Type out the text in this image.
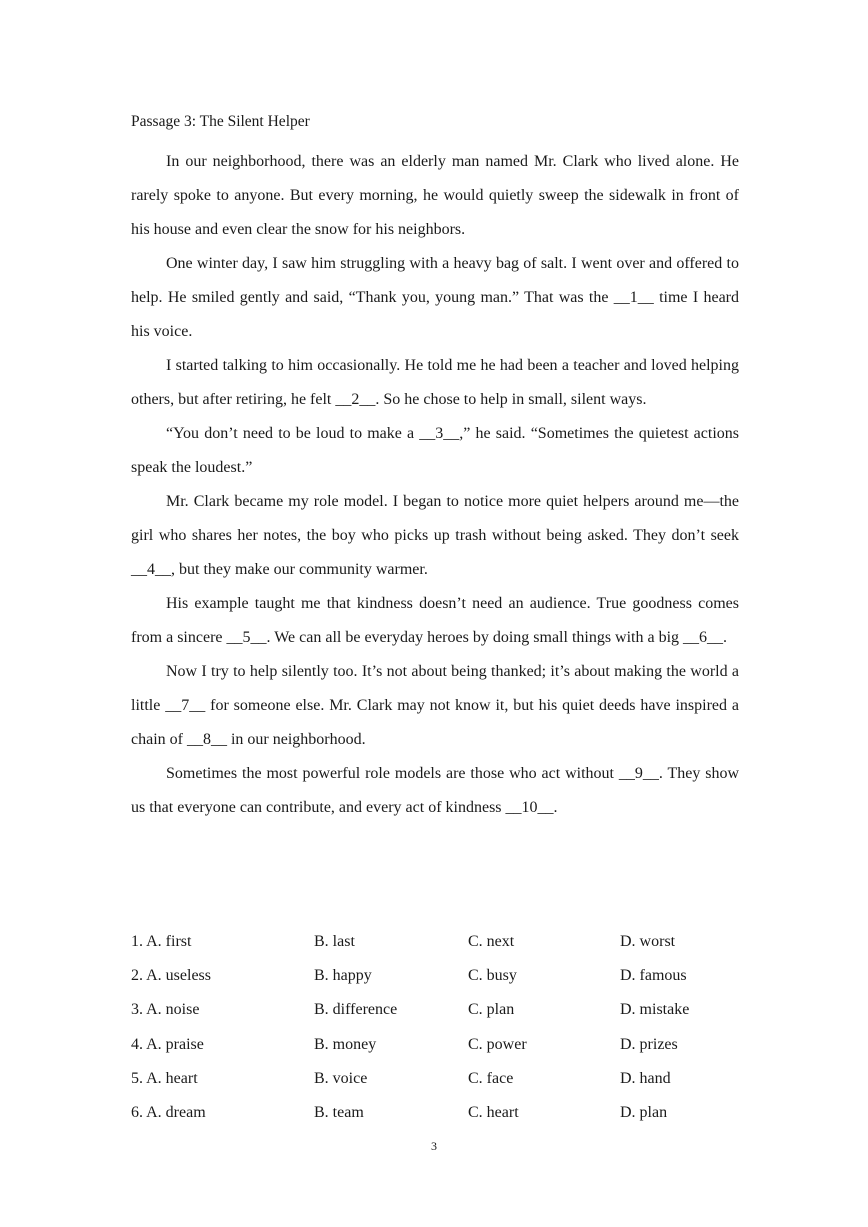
Passage 3: The Silent Helper

In our neighborhood, there was an elderly man named Mr. Clark who lived alone. He rarely spoke to anyone. But every morning, he would quietly sweep the sidewalk in front of his house and even clear the snow for his neighbors.

One winter day, I saw him struggling with a heavy bag of salt. I went over and offered to help. He smiled gently and said, “Thank you, young man.” That was the __1__ time I heard his voice.

I started talking to him occasionally. He told me he had been a teacher and loved helping others, but after retiring, he felt __2__. So he chose to help in small, silent ways.

“You don’t need to be loud to make a __3__,” he said. “Sometimes the quietest actions speak the loudest.”

Mr. Clark became my role model. I began to notice more quiet helpers around me—the girl who shares her notes, the boy who picks up trash without being asked. They don’t seek __4__, but they make our community warmer.

His example taught me that kindness doesn’t need an audience. True goodness comes from a sincere __5__. We can all be everyday heroes by doing small things with a big __6__.

Now I try to help silently too. It’s not about being thanked; it’s about making the world a little __7__ for someone else. Mr. Clark may not know it, but his quiet deeds have inspired a chain of __8__ in our neighborhood.

Sometimes the most powerful role models are those who act without __9__. They show us that everyone can contribute, and every act of kindness __10__.

1. A. first	B. last	C. next	D. worst
2. A. useless	B. happy	C. busy	D. famous
3. A. noise	B. difference	C. plan	D. mistake
4. A. praise	B. money	C. power	D. prizes
5. A. heart	B. voice	C. face	D. hand
6. A. dream	B. team	C. heart	D. plan
3
